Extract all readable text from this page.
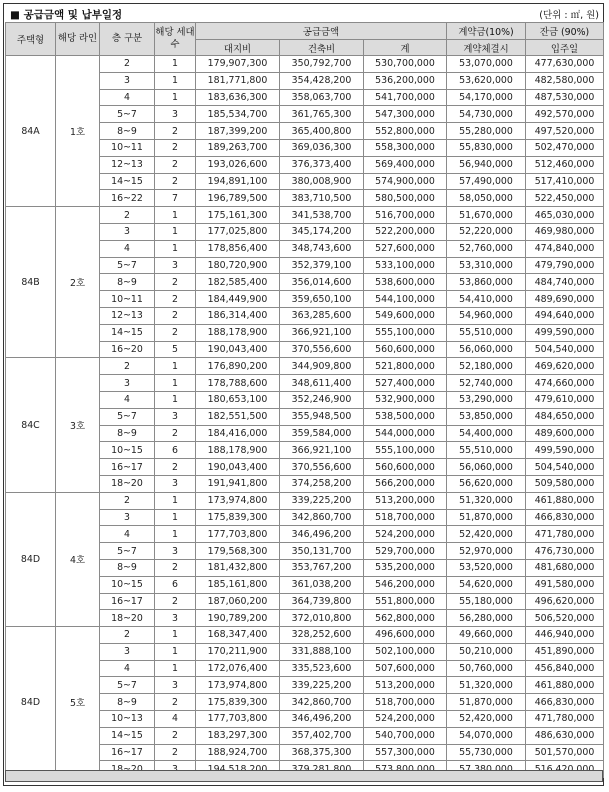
■ 공급금액 및 납부일정	(단위 : ㎡, 원)
주택형	해당 라인	층 구분	해당 세대수	공급금액			계약금(10%)	잔금 (90%)
				대지비	건축비	계	계약체결시	입주일
84A	1호	2	1	179,907,300	350,792,700	530,700,000	53,070,000	477,630,000
		3	1	181,771,800	354,428,200	536,200,000	53,620,000	482,580,000
		4	1	183,636,300	358,063,700	541,700,000	54,170,000	487,530,000
		5~7	3	185,534,700	361,765,300	547,300,000	54,730,000	492,570,000
		8~9	2	187,399,200	365,400,800	552,800,000	55,280,000	497,520,000
		10~11	2	189,263,700	369,036,300	558,300,000	55,830,000	502,470,000
		12~13	2	193,026,600	376,373,400	569,400,000	56,940,000	512,460,000
		14~15	2	194,891,100	380,008,900	574,900,000	57,490,000	517,410,000
		16~22	7	196,789,500	383,710,500	580,500,000	58,050,000	522,450,000
84B	2호	2	1	175,161,300	341,538,700	516,700,000	51,670,000	465,030,000
		3	1	177,025,800	345,174,200	522,200,000	52,220,000	469,980,000
		4	1	178,856,400	348,743,600	527,600,000	52,760,000	474,840,000
		5~7	3	180,720,900	352,379,100	533,100,000	53,310,000	479,790,000
		8~9	2	182,585,400	356,014,600	538,600,000	53,860,000	484,740,000
		10~11	2	184,449,900	359,650,100	544,100,000	54,410,000	489,690,000
		12~13	2	186,314,400	363,285,600	549,600,000	54,960,000	494,640,000
		14~15	2	188,178,900	366,921,100	555,100,000	55,510,000	499,590,000
		16~20	5	190,043,400	370,556,600	560,600,000	56,060,000	504,540,000
84C	3호	2	1	176,890,200	344,909,800	521,800,000	52,180,000	469,620,000
		3	1	178,788,600	348,611,400	527,400,000	52,740,000	474,660,000
		4	1	180,653,100	352,246,900	532,900,000	53,290,000	479,610,000
		5~7	3	182,551,500	355,948,500	538,500,000	53,850,000	484,650,000
		8~9	2	184,416,000	359,584,000	544,000,000	54,400,000	489,600,000
		10~15	6	188,178,900	366,921,100	555,100,000	55,510,000	499,590,000
		16~17	2	190,043,400	370,556,600	560,600,000	56,060,000	504,540,000
		18~20	3	191,941,800	374,258,200	566,200,000	56,620,000	509,580,000
84D	4호	2	1	173,974,800	339,225,200	513,200,000	51,320,000	461,880,000
		3	1	175,839,300	342,860,700	518,700,000	51,870,000	466,830,000
		4	1	177,703,800	346,496,200	524,200,000	52,420,000	471,780,000
		5~7	3	179,568,300	350,131,700	529,700,000	52,970,000	476,730,000
		8~9	2	181,432,800	353,767,200	535,200,000	53,520,000	481,680,000
		10~15	6	185,161,800	361,038,200	546,200,000	54,620,000	491,580,000
		16~17	2	187,060,200	364,739,800	551,800,000	55,180,000	496,620,000
		18~20	3	190,789,200	372,010,800	562,800,000	56,280,000	506,520,000
84D	5호	2	1	168,347,400	328,252,600	496,600,000	49,660,000	446,940,000
		3	1	170,211,900	331,888,100	502,100,000	50,210,000	451,890,000
		4	1	172,076,400	335,523,600	507,600,000	50,760,000	456,840,000
		5~7	3	173,974,800	339,225,200	513,200,000	51,320,000	461,880,000
		8~9	2	175,839,300	342,860,700	518,700,000	51,870,000	466,830,000
		10~13	4	177,703,800	346,496,200	524,200,000	52,420,000	471,780,000
		14~15	2	183,297,300	357,402,700	540,700,000	54,070,000	486,630,000
		16~17	2	188,924,700	368,375,300	557,300,000	55,730,000	501,570,000
